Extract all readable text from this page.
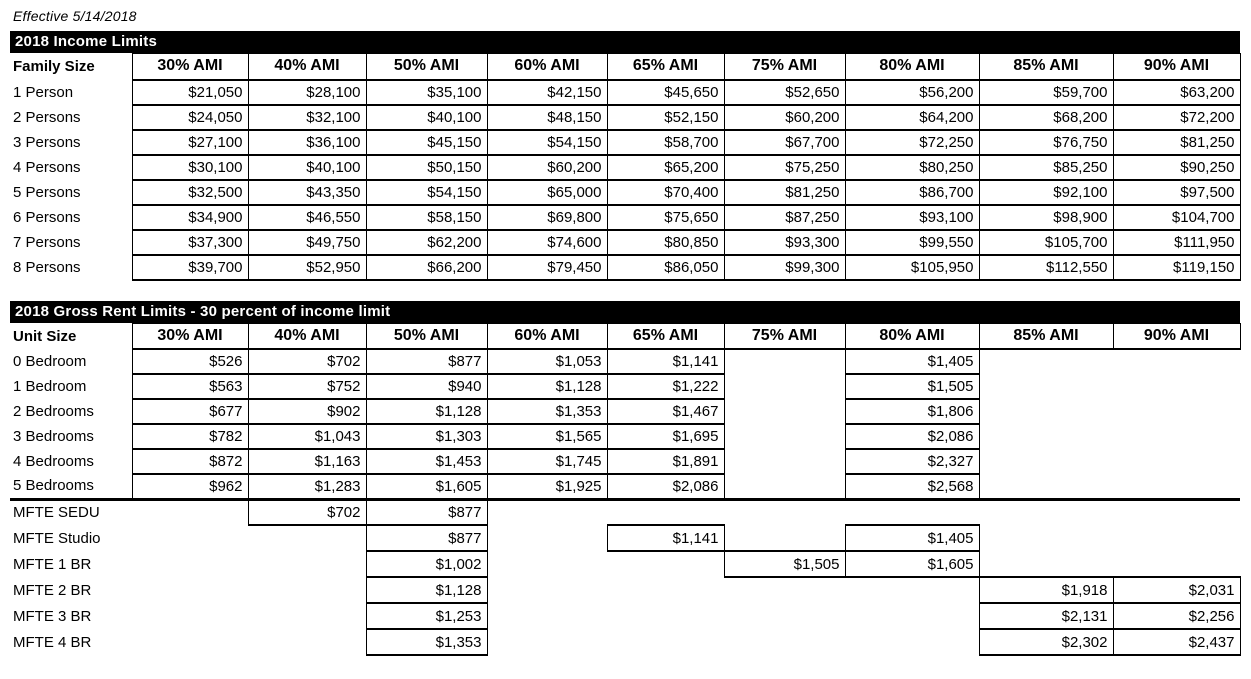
Effective 5/14/2018
2018 Income Limits
Family Size	30% AMI	40% AMI	50% AMI	60% AMI	65% AMI	75% AMI	80% AMI	85% AMI	90% AMI
1 Person	$21,050	$28,100	$35,100	$42,150	$45,650	$52,650	$56,200	$59,700	$63,200
2 Persons	$24,050	$32,100	$40,100	$48,150	$52,150	$60,200	$64,200	$68,200	$72,200
3 Persons	$27,100	$36,100	$45,150	$54,150	$58,700	$67,700	$72,250	$76,750	$81,250
4 Persons	$30,100	$40,100	$50,150	$60,200	$65,200	$75,250	$80,250	$85,250	$90,250
5 Persons	$32,500	$43,350	$54,150	$65,000	$70,400	$81,250	$86,700	$92,100	$97,500
6 Persons	$34,900	$46,550	$58,150	$69,800	$75,650	$87,250	$93,100	$98,900	$104,700
7 Persons	$37,300	$49,750	$62,200	$74,600	$80,850	$93,300	$99,550	$105,700	$111,950
8 Persons	$39,700	$52,950	$66,200	$79,450	$86,050	$99,300	$105,950	$112,550	$119,150
2018 Gross Rent Limits - 30 percent of income limit
Unit Size	30% AMI	40% AMI	50% AMI	60% AMI	65% AMI	75% AMI	80% AMI	85% AMI	90% AMI
0 Bedroom	$526	$702	$877	$1,053	$1,141		$1,405		
1 Bedroom	$563	$752	$940	$1,128	$1,222		$1,505		
2 Bedrooms	$677	$902	$1,128	$1,353	$1,467		$1,806		
3 Bedrooms	$782	$1,043	$1,303	$1,565	$1,695		$2,086		
4 Bedrooms	$872	$1,163	$1,453	$1,745	$1,891		$2,327		
5 Bedrooms	$962	$1,283	$1,605	$1,925	$2,086		$2,568		
MFTE SEDU		$702	$877						
MFTE Studio			$877		$1,141		$1,405		
MFTE 1 BR			$1,002			$1,505	$1,605		
MFTE 2 BR			$1,128					$1,918	$2,031
MFTE 3 BR			$1,253					$2,131	$2,256
MFTE 4 BR			$1,353					$2,302	$2,437
